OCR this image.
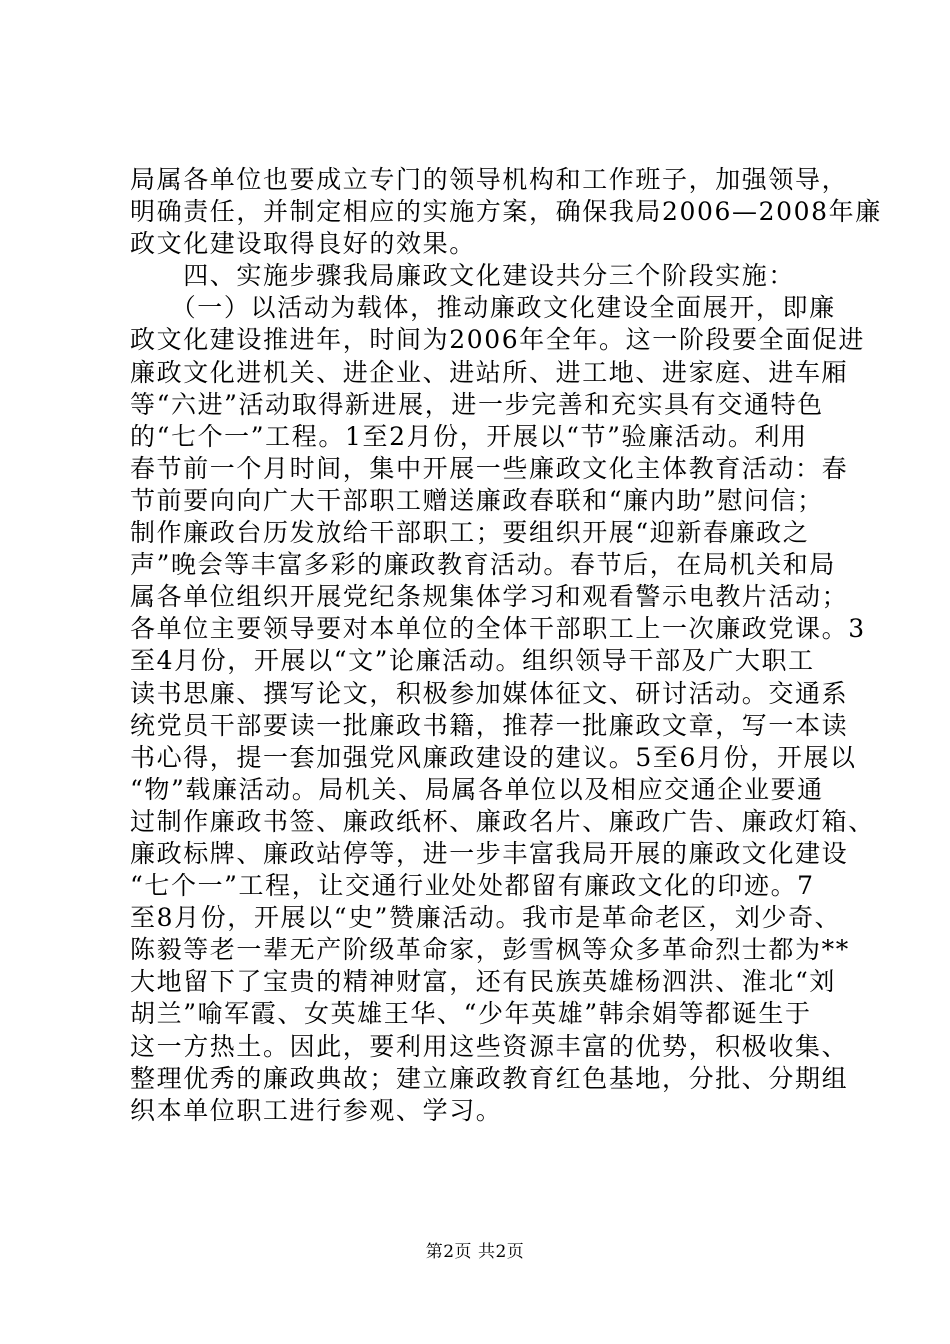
局属各单位也要成立专门的领导机构和工作班子，加强领导，
明确责任，并制定相应的实施方案，确保我局2006—2008年廉
政文化建设取得良好的效果。
　　四、实施步骤我局廉政文化建设共分三个阶段实施：
　　（一）以活动为载体，推动廉政文化建设全面展开，即廉
政文化建设推进年，时间为2006年全年。这一阶段要全面促进
廉政文化进机关、进企业、进站所、进工地、进家庭、进车厢
等“六进”活动取得新进展，进一步完善和充实具有交通特色
的“七个一”工程。1至2月份，开展以“节”验廉活动。利用
春节前一个月时间，集中开展一些廉政文化主体教育活动：春
节前要向向广大干部职工赠送廉政春联和“廉内助”慰问信；
制作廉政台历发放给干部职工；要组织开展“迎新春廉政之
声”晚会等丰富多彩的廉政教育活动。春节后，在局机关和局
属各单位组织开展党纪条规集体学习和观看警示电教片活动；
各单位主要领导要对本单位的全体干部职工上一次廉政党课。3
至4月份，开展以“文”论廉活动。组织领导干部及广大职工
读书思廉、撰写论文，积极参加媒体征文、研讨活动。交通系
统党员干部要读一批廉政书籍，推荐一批廉政文章，写一本读
书心得，提一套加强党风廉政建设的建议。5至6月份，开展以
“物”载廉活动。局机关、局属各单位以及相应交通企业要通
过制作廉政书签、廉政纸杯、廉政名片、廉政广告、廉政灯箱、
廉政标牌、廉政站停等，进一步丰富我局开展的廉政文化建设
“七个一”工程，让交通行业处处都留有廉政文化的印迹。7
至8月份，开展以“史”赞廉活动。我市是革命老区，刘少奇、
陈毅等老一辈无产阶级革命家，彭雪枫等众多革命烈士都为**
大地留下了宝贵的精神财富，还有民族英雄杨泗洪、淮北“刘
胡兰”喻军霞、女英雄王华、“少年英雄”韩余娟等都诞生于
这一方热土。因此，要利用这些资源丰富的优势，积极收集、
整理优秀的廉政典故；建立廉政教育红色基地，分批、分期组
织本单位职工进行参观、学习。
第2页 共2页
